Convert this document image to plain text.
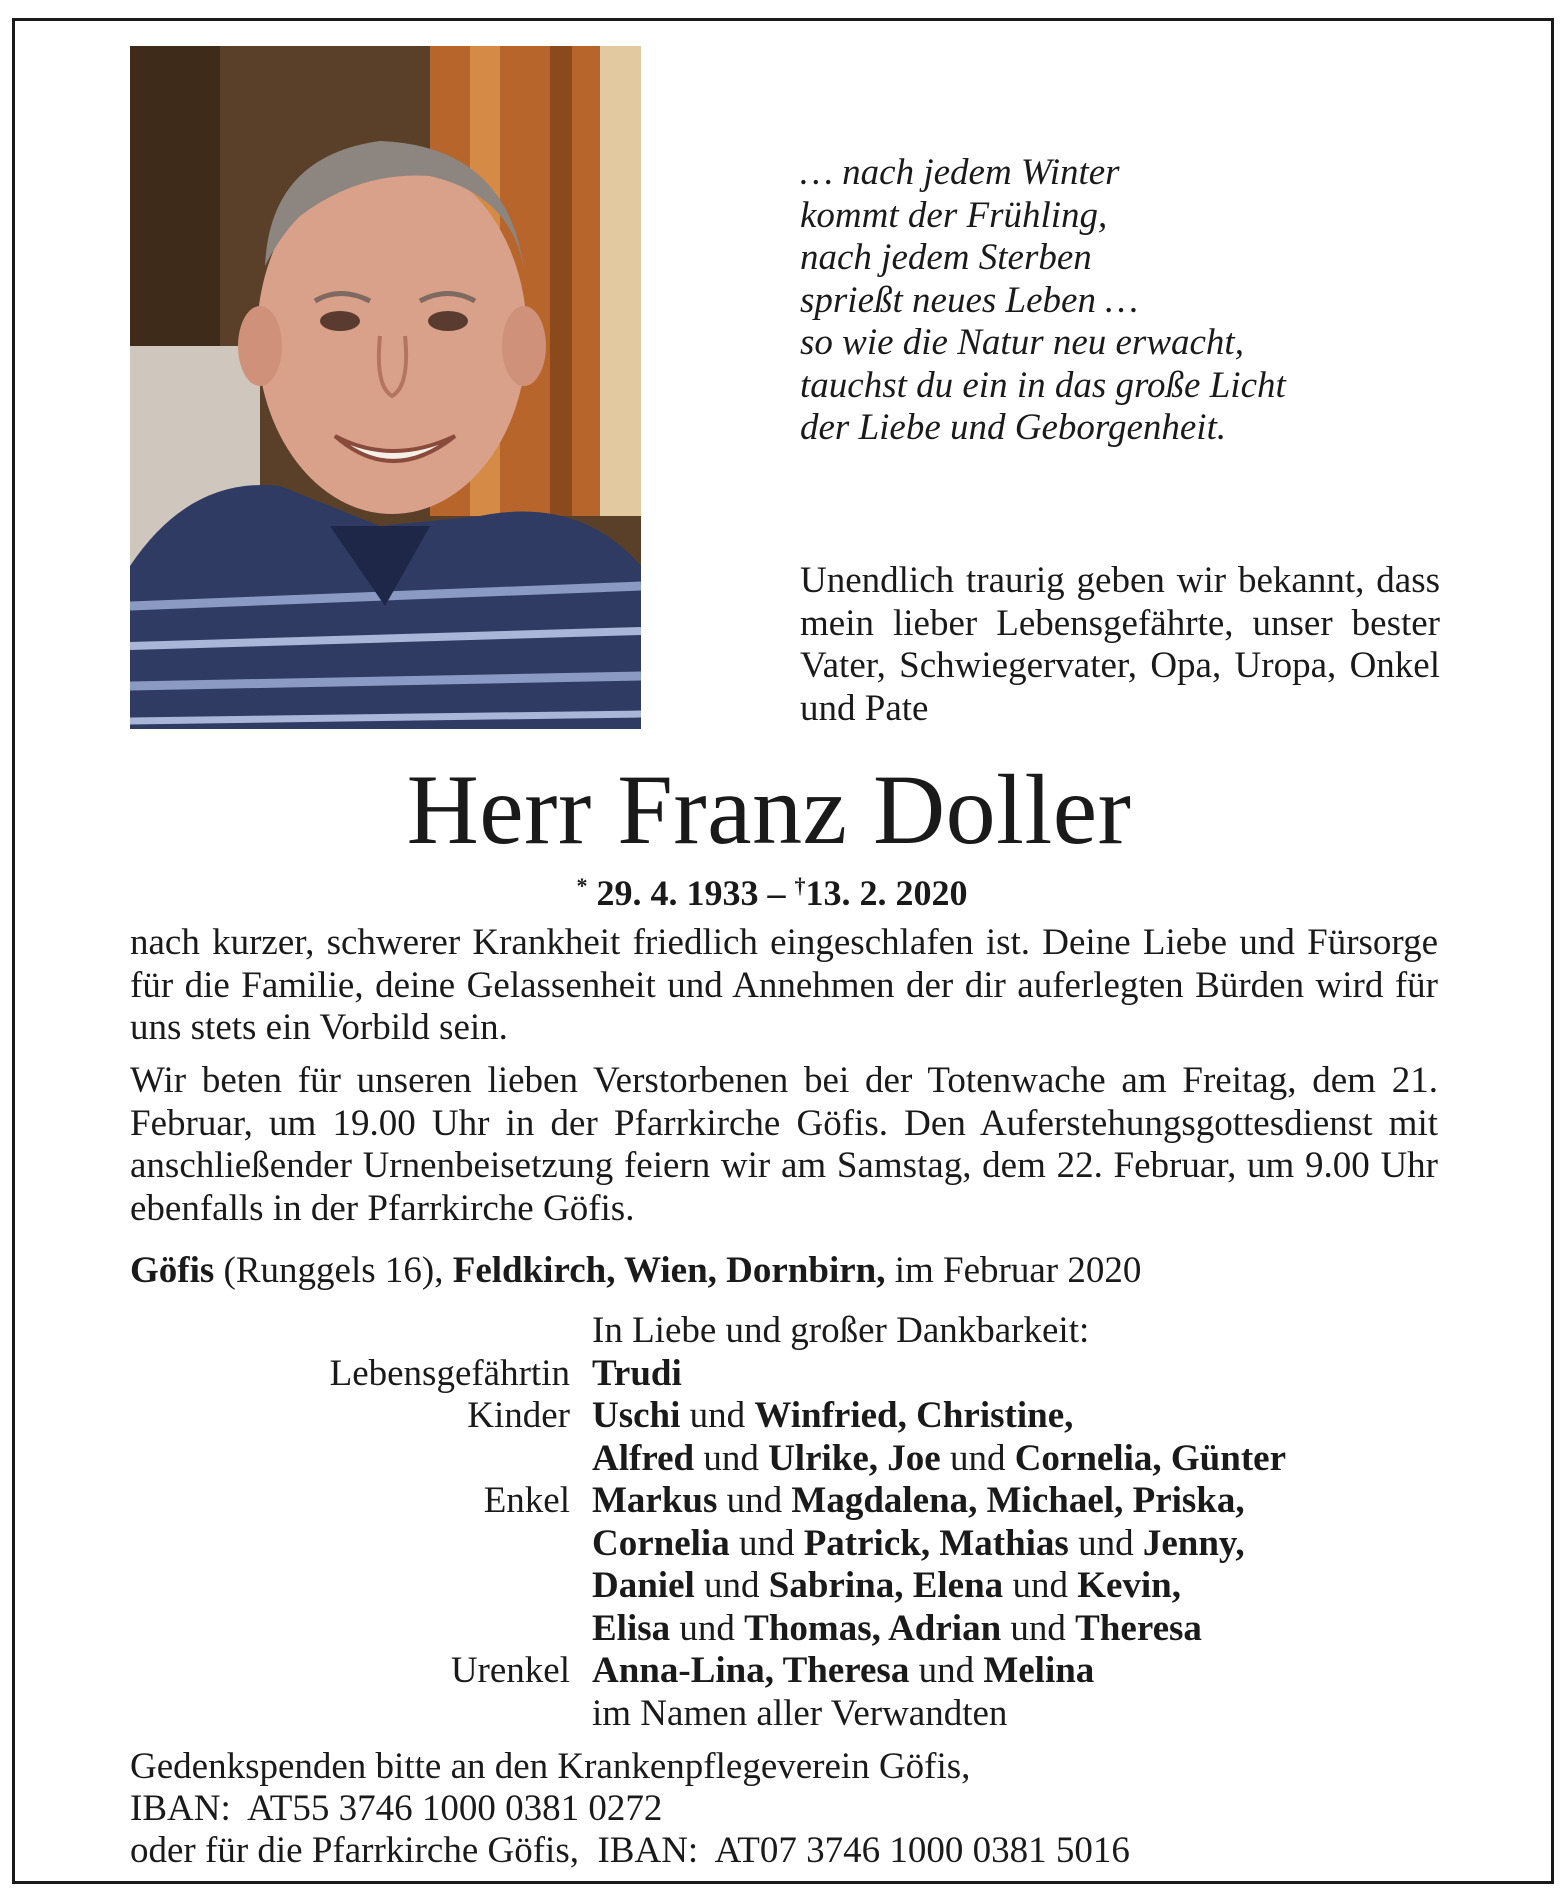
… nach jedem Winter
kommt der Frühling,
nach jedem Sterben
sprießt neues Leben …
so wie die Natur neu erwacht,
tauchst du ein in das große Licht
der Liebe und Geborgenheit.
Unendlich traurig geben wir bekannt, dass mein lieber Lebensgefährte, unser bester Vater, Schwiegervater, Opa, Uropa, Onkel und Pate
Herr Franz Doller
* 29. 4. 1933 – †13. 2. 2020

nach kurzer, schwerer Krankheit friedlich eingeschlafen ist. Deine Liebe und Fürsorge für die Familie, deine Gelassenheit und Annehmen der dir auferlegten Bürden wird für uns stets ein Vorbild sein.

Wir beten für unseren lieben Verstorbenen bei der Totenwache am Freitag, dem 21. Februar, um 19.00 Uhr in der Pfarrkirche Göfis. Den Auferstehungsgottesdienst mit anschließender Urnenbeisetzung feiern wir am Samstag, dem 22. Februar, um 9.00 Uhr ebenfalls in der Pfarrkirche Göfis.

Göfis (Runggels 16), Feldkirch, Wien, Dornbirn, im Februar 2020
In Liebe und großer Dankbarkeit:
Lebensgefährtin Trudi
Kinder Uschi und Winfried, Christine,
Alfred und Ulrike, Joe und Cornelia, Günter
Enkel Markus und Magdalena, Michael, Priska,
Cornelia und Patrick, Mathias und Jenny,
Daniel und Sabrina, Elena und Kevin,
Elisa und Thomas, Adrian und Theresa
Urenkel Anna-Lina, Theresa und Melina
im Namen aller Verwandten
Gedenkspenden bitte an den Krankenpflegeverein Göfis,
IBAN:  AT55 3746 1000 0381 0272
oder für die Pfarrkirche Göfis,  IBAN:  AT07 3746 1000 0381 5016
